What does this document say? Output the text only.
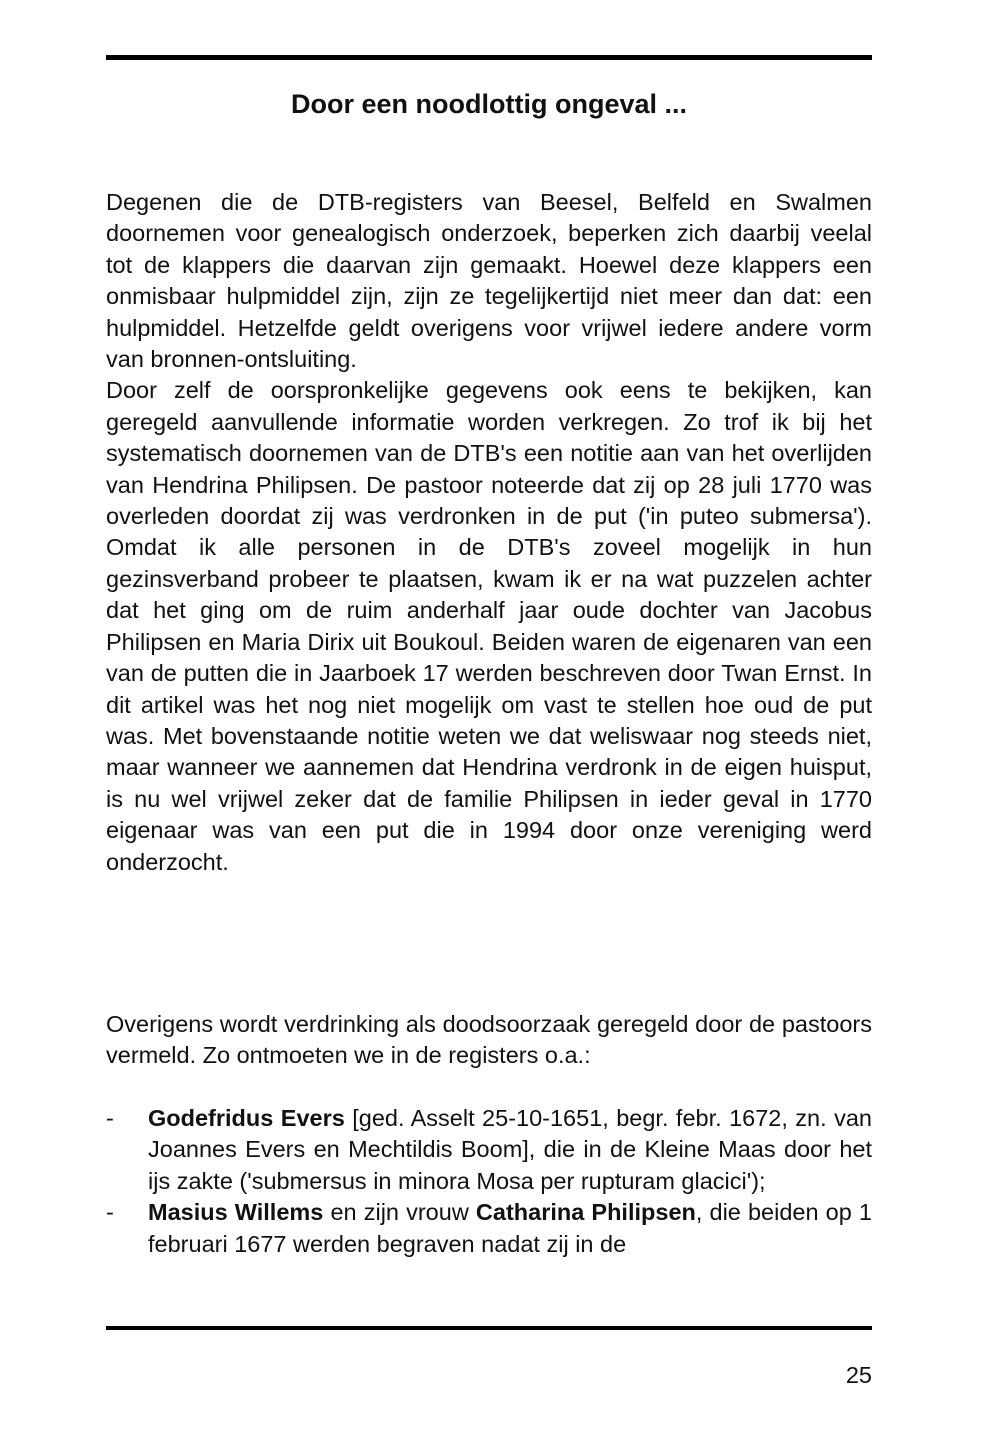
Door een noodlottig ongeval ...

Degenen die de DTB-registers van Beesel, Belfeld en Swalmen doornemen voor genealogisch onderzoek, beperken zich daarbij veelal tot de klappers die daarvan zijn gemaakt. Hoewel deze klappers een onmisbaar hulpmiddel zijn, zijn ze tegelijkertijd niet meer dan dat: een hulpmiddel. Hetzelfde geldt overigens voor vrijwel iedere andere vorm van bronnen-ontsluiting.

Door zelf de oorspronkelijke gegevens ook eens te bekijken, kan geregeld aanvullende informatie worden verkregen. Zo trof ik bij het systematisch doornemen van de DTB's een notitie aan van het overlijden van Hendrina Philipsen. De pastoor noteerde dat zij op 28 juli 1770 was overleden doordat zij was verdronken in de put ('in puteo submersa'). Omdat ik alle personen in de DTB's zoveel mogelijk in hun gezinsverband probeer te plaatsen, kwam ik er na wat puzzelen achter dat het ging om de ruim anderhalf jaar oude dochter van Jacobus Philipsen en Maria Dirix uit Boukoul. Beiden waren de eigenaren van een van de putten die in Jaarboek 17 werden beschreven door Twan Ernst. In dit artikel was het nog niet mogelijk om vast te stellen hoe oud de put was. Met bovenstaande notitie weten we dat weliswaar nog steeds niet, maar wanneer we aannemen dat Hendrina verdronk in de eigen huisput, is nu wel vrijwel zeker dat de familie Philipsen in ieder geval in 1770 eigenaar was van een put die in 1994 door onze vereniging werd onderzocht.

Overigens wordt verdrinking als doodsoorzaak geregeld door de pastoors vermeld. Zo ontmoeten we in de registers o.a.:

- Godefridus Evers [ged. Asselt 25-10-1651, begr. febr. 1672, zn. van Joannes Evers en Mechtildis Boom], die in de Kleine Maas door het ijs zakte ('submersus in minora Mosa per rupturam glacici');
- Masius Willems en zijn vrouw Catharina Philipsen, die beiden op 1 februari 1677 werden begraven nadat zij in de
25
